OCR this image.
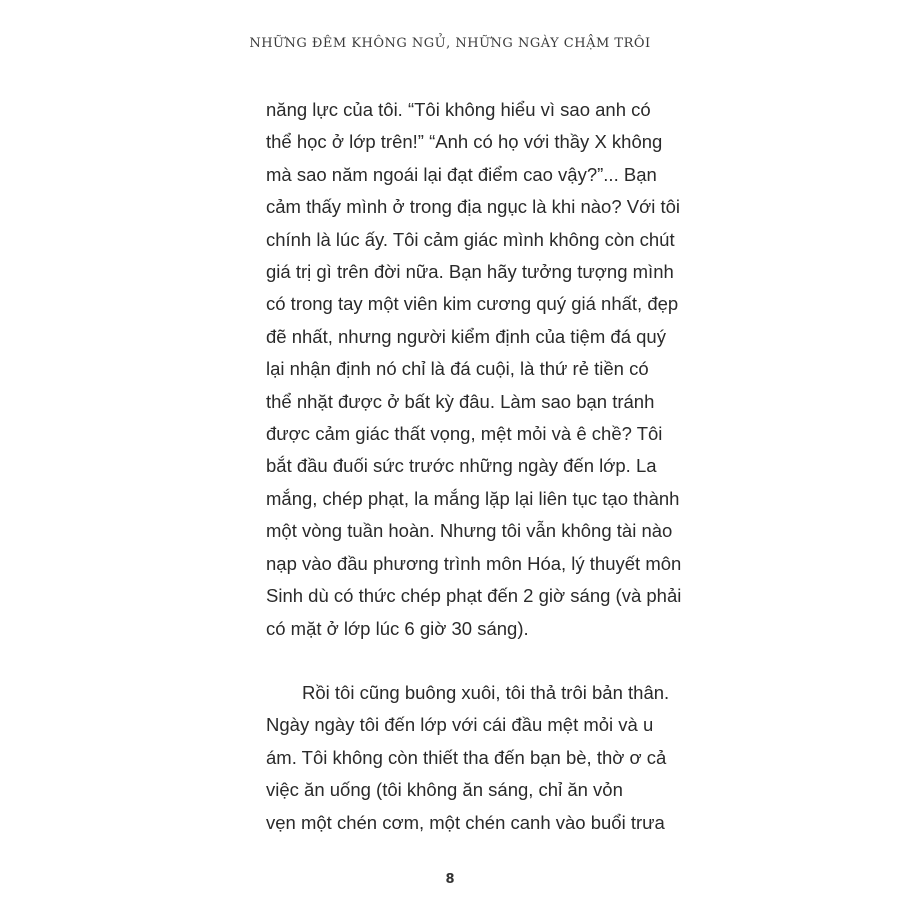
NHỮNG ĐÊM KHÔNG NGỦ, NHỮNG NGÀY CHẬM TRÔI
năng lực của tôi. “Tôi không hiểu vì sao anh có
thể học ở lớp trên!” “Anh có họ với thầy X không
mà sao năm ngoái lại đạt điểm cao vậy?”... Bạn
cảm thấy mình ở trong địa ngục là khi nào? Với tôi
chính là lúc ấy. Tôi cảm giác mình không còn chút
giá trị gì trên đời nữa. Bạn hãy tưởng tượng mình
có trong tay một viên kim cương quý giá nhất, đẹp
đẽ nhất, nhưng người kiểm định của tiệm đá quý
lại nhận định nó chỉ là đá cuội, là thứ rẻ tiền có
thể nhặt được ở bất kỳ đâu. Làm sao bạn tránh
được cảm giác thất vọng, mệt mỏi và ê chề? Tôi
bắt đầu đuối sức trước những ngày đến lớp. La
mắng, chép phạt, la mắng lặp lại liên tục tạo thành
một vòng tuần hoàn. Nhưng tôi vẫn không tài nào
nạp vào đầu phương trình môn Hóa, lý thuyết môn
Sinh dù có thức chép phạt đến 2 giờ sáng (và phải
có mặt ở lớp lúc 6 giờ 30 sáng).
Rồi tôi cũng buông xuôi, tôi thả trôi bản thân.
Ngày ngày tôi đến lớp với cái đầu mệt mỏi và u
ám. Tôi không còn thiết tha đến bạn bè, thờ ơ cả
việc ăn uống (tôi không ăn sáng, chỉ ăn vỏn
vẹn một chén cơm, một chén canh vào buổi trưa
8
